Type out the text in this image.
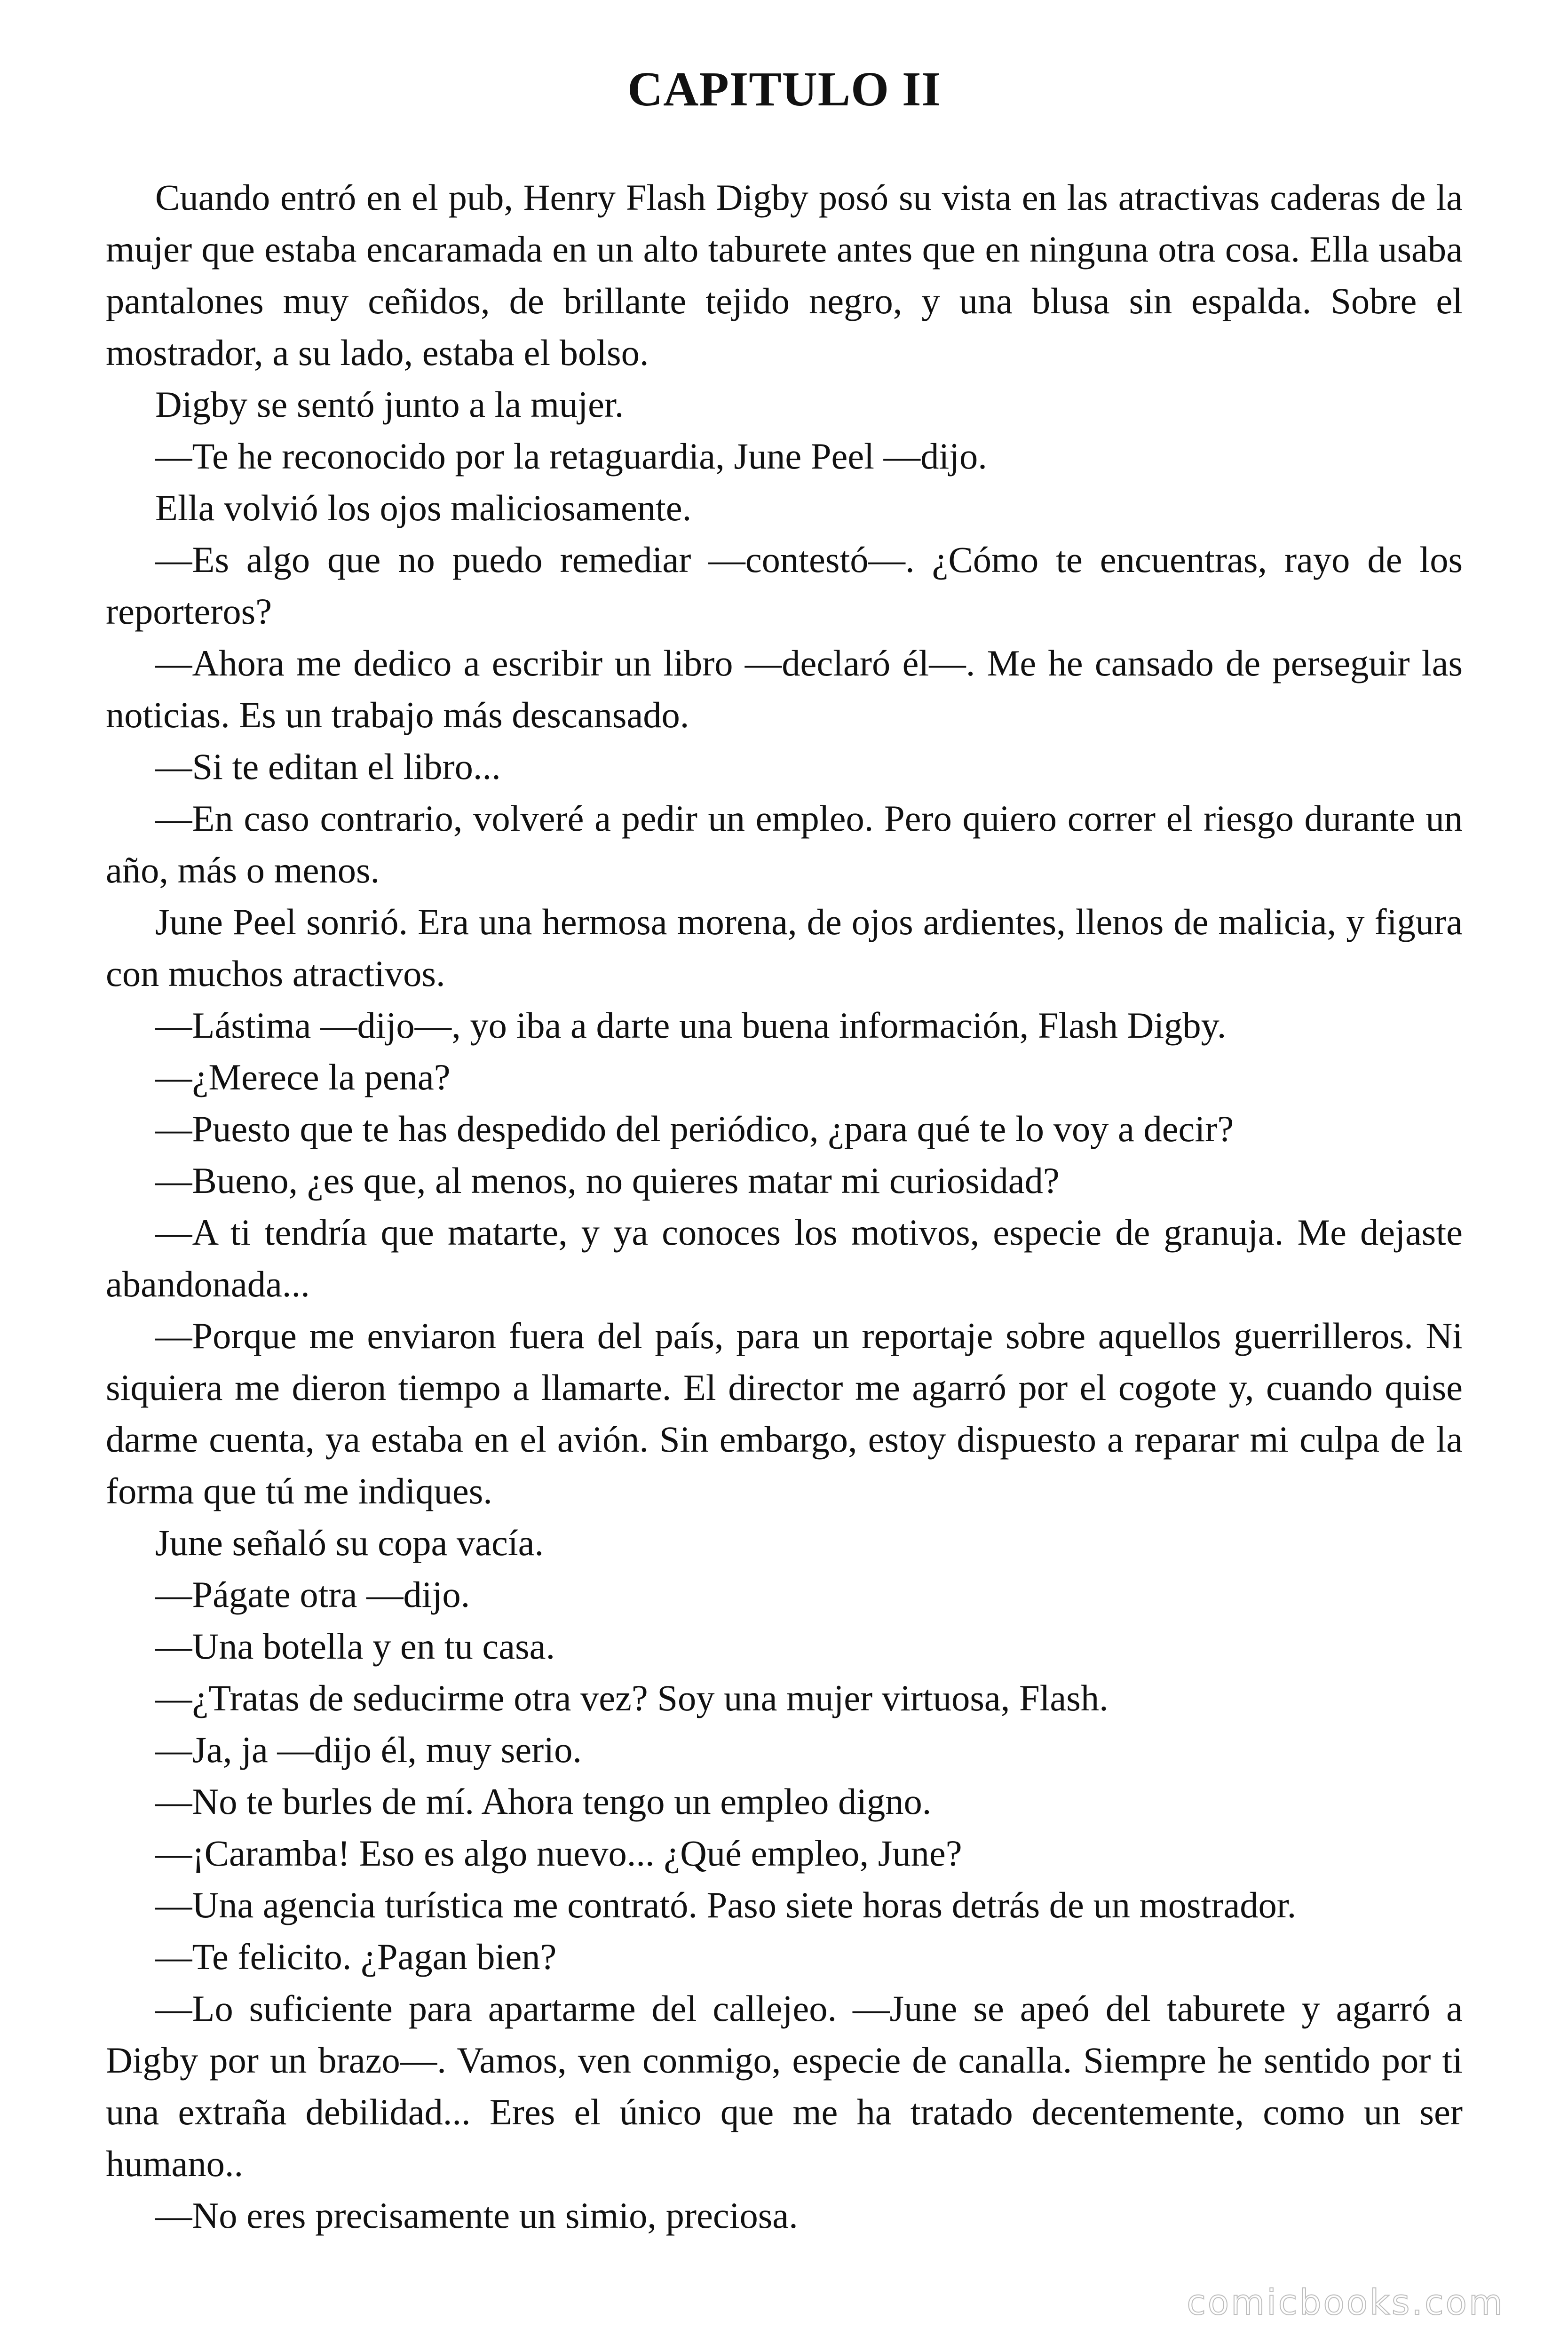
CAPITULO II

Cuando entró en el pub, Henry Flash Digby posó su vista en las atractivas caderas de la mujer que estaba encaramada en un alto taburete antes que en ninguna otra cosa. Ella usaba pantalones muy ceñidos, de brillante tejido negro, y una blusa sin espalda. Sobre el mostrador, a su lado, estaba el bolso.

Digby se sentó junto a la mujer.

—Te he reconocido por la retaguardia, June Peel —dijo.

Ella volvió los ojos maliciosamente.

—Es algo que no puedo remediar —contestó—. ¿Cómo te encuentras, rayo de los reporteros?

—Ahora me dedico a escribir un libro —declaró él—. Me he cansado de perseguir las noticias. Es un trabajo más descansado.

—Si te editan el libro...

—En caso contrario, volveré a pedir un empleo. Pero quiero correr el riesgo durante un año, más o menos.

June Peel sonrió. Era una hermosa morena, de ojos ardientes, llenos de malicia, y figura con muchos atractivos.

—Lástima —dijo—, yo iba a darte una buena información, Flash Digby.

—¿Merece la pena?

—Puesto que te has despedido del periódico, ¿para qué te lo voy a decir?

—Bueno, ¿es que, al menos, no quieres matar mi curiosidad?

—A ti tendría que matarte, y ya conoces los motivos, especie de granuja. Me dejaste abandonada...

—Porque me enviaron fuera del país, para un reportaje sobre aquellos guerrilleros. Ni siquiera me dieron tiempo a llamarte. El director me agarró por el cogote y, cuando quise darme cuenta, ya estaba en el avión. Sin embargo, estoy dispuesto a reparar mi culpa de la forma que tú me indiques.

June señaló su copa vacía.

—Págate otra —dijo.

—Una botella y en tu casa.

—¿Tratas de seducirme otra vez? Soy una mujer virtuosa, Flash.

—Ja, ja —dijo él, muy serio.

—No te burles de mí. Ahora tengo un empleo digno.

—¡Caramba! Eso es algo nuevo... ¿Qué empleo, June?

—Una agencia turística me contrató. Paso siete horas detrás de un mostrador.

—Te felicito. ¿Pagan bien?

—Lo suficiente para apartarme del callejeo. —June se apeó del taburete y agarró a Digby por un brazo—. Vamos, ven conmigo, especie de canalla. Siempre he sentido por ti una extraña debilidad... Eres el único que me ha tratado decentemente, como un ser humano..

—No eres precisamente un simio, preciosa.

comicbooks.com
